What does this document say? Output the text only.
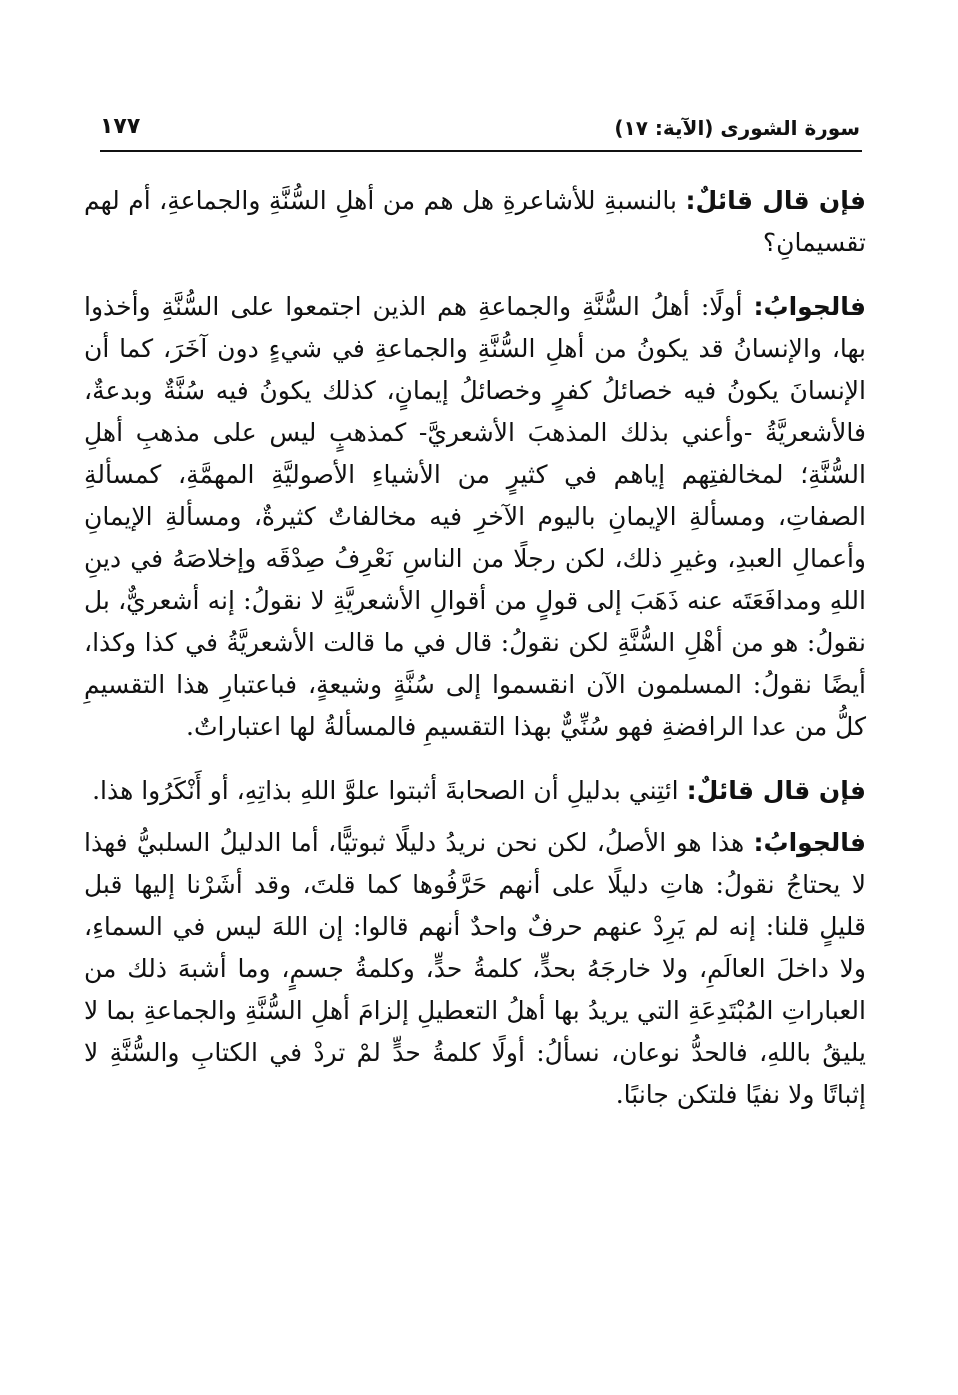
سورة الشورى (الآية: ١٧)
١٧٧

فإن قال قائلٌ: بالنسبةِ للأشاعرةِ هل هم من أهلِ السُّنَّةِ والجماعةِ، أم لهم تقسيمانِ؟

فالجوابُ: أولًا: أهلُ السُّنَّةِ والجماعةِ هم الذين اجتمعوا على السُّنَّةِ وأخذوا بها، والإنسانُ قد يكونُ من أهلِ السُّنَّةِ والجماعةِ في شيءٍ دون آخَرَ، كما أن الإنسانَ يكونُ فيه خصائلُ كفرٍ وخصائلُ إيمانٍ، كذلك يكونُ فيه سُنَّةٌ وبدعةٌ، فالأشعريَّةُ -وأعني بذلك المذهبَ الأشعريَّ- كمذهبٍ ليس على مذهبِ أهلِ السُّنَّةِ؛ لمخالفتِهم إياهم في كثيرٍ من الأشياءِ الأصوليَّةِ المهمَّةِ، كمسألةِ الصفاتِ، ومسألةِ الإيمانِ باليوم الآخرِ فيه مخالفاتٌ كثيرةٌ، ومسألةِ الإيمانِ وأعمالِ العبدِ، وغيرِ ذلك، لكن رجلًا من الناسِ نَعْرِفُ صِدْقَه وإخلاصَهُ في دينِ اللهِ ومدافَعَتَه عنه ذَهَبَ إلى قولٍ من أقوالِ الأشعريَّةِ لا نقولُ: إنه أشعريٌّ، بل نقولُ: هو من أهْلِ السُّنَّةِ لكن نقولُ: قال في ما قالت الأشعريَّةُ في كذا وكذا، أيضًا نقولُ: المسلمون الآن انقسموا إلى سُنَّةٍ وشيعةٍ، فباعتبارِ هذا التقسيمِ كلُّ من عدا الرافضةِ فهو سُنِّيٌّ بهذا التقسيمِ فالمسألةُ لها اعتباراتٌ.

فإن قال قائلٌ: ائتِني بدليلِ أن الصحابةَ أثبتوا علوَّ اللهِ بذاتِهِ، أو أَنْكَرُوا هذا.

فالجوابُ: هذا هو الأصلُ، لكن نحن نريدُ دليلًا ثبوتيًّا، أما الدليلُ السلبيُّ فهذا لا يحتاجُ نقولُ: هاتِ دليلًا على أنهم حَرَّفُوها كما قلتَ، وقد أشَرْنا إليها قبل قليلٍ قلنا: إنه لم يَرِدْ عنهم حرفٌ واحدٌ أنهم قالوا: إن اللهَ ليس في السماءِ، ولا داخلَ العالَمِ، ولا خارجَهُ بحدٍّ، كلمةُ حدٍّ، وكلمةُ جسمٍ، وما أشبهَ ذلك من العباراتِ المُبْتَدِعَةِ التي يريدُ بها أهلُ التعطيلِ إلزامَ أهلِ السُّنَّةِ والجماعةِ بما لا يليقُ باللهِ، فالحدُّ نوعان، نسألُ: أولًا كلمةُ حدٍّ لمْ تردْ في الكتابِ والسُّنَّةِ لا إثباتًا ولا نفيًا فلتكن جانبًا.
